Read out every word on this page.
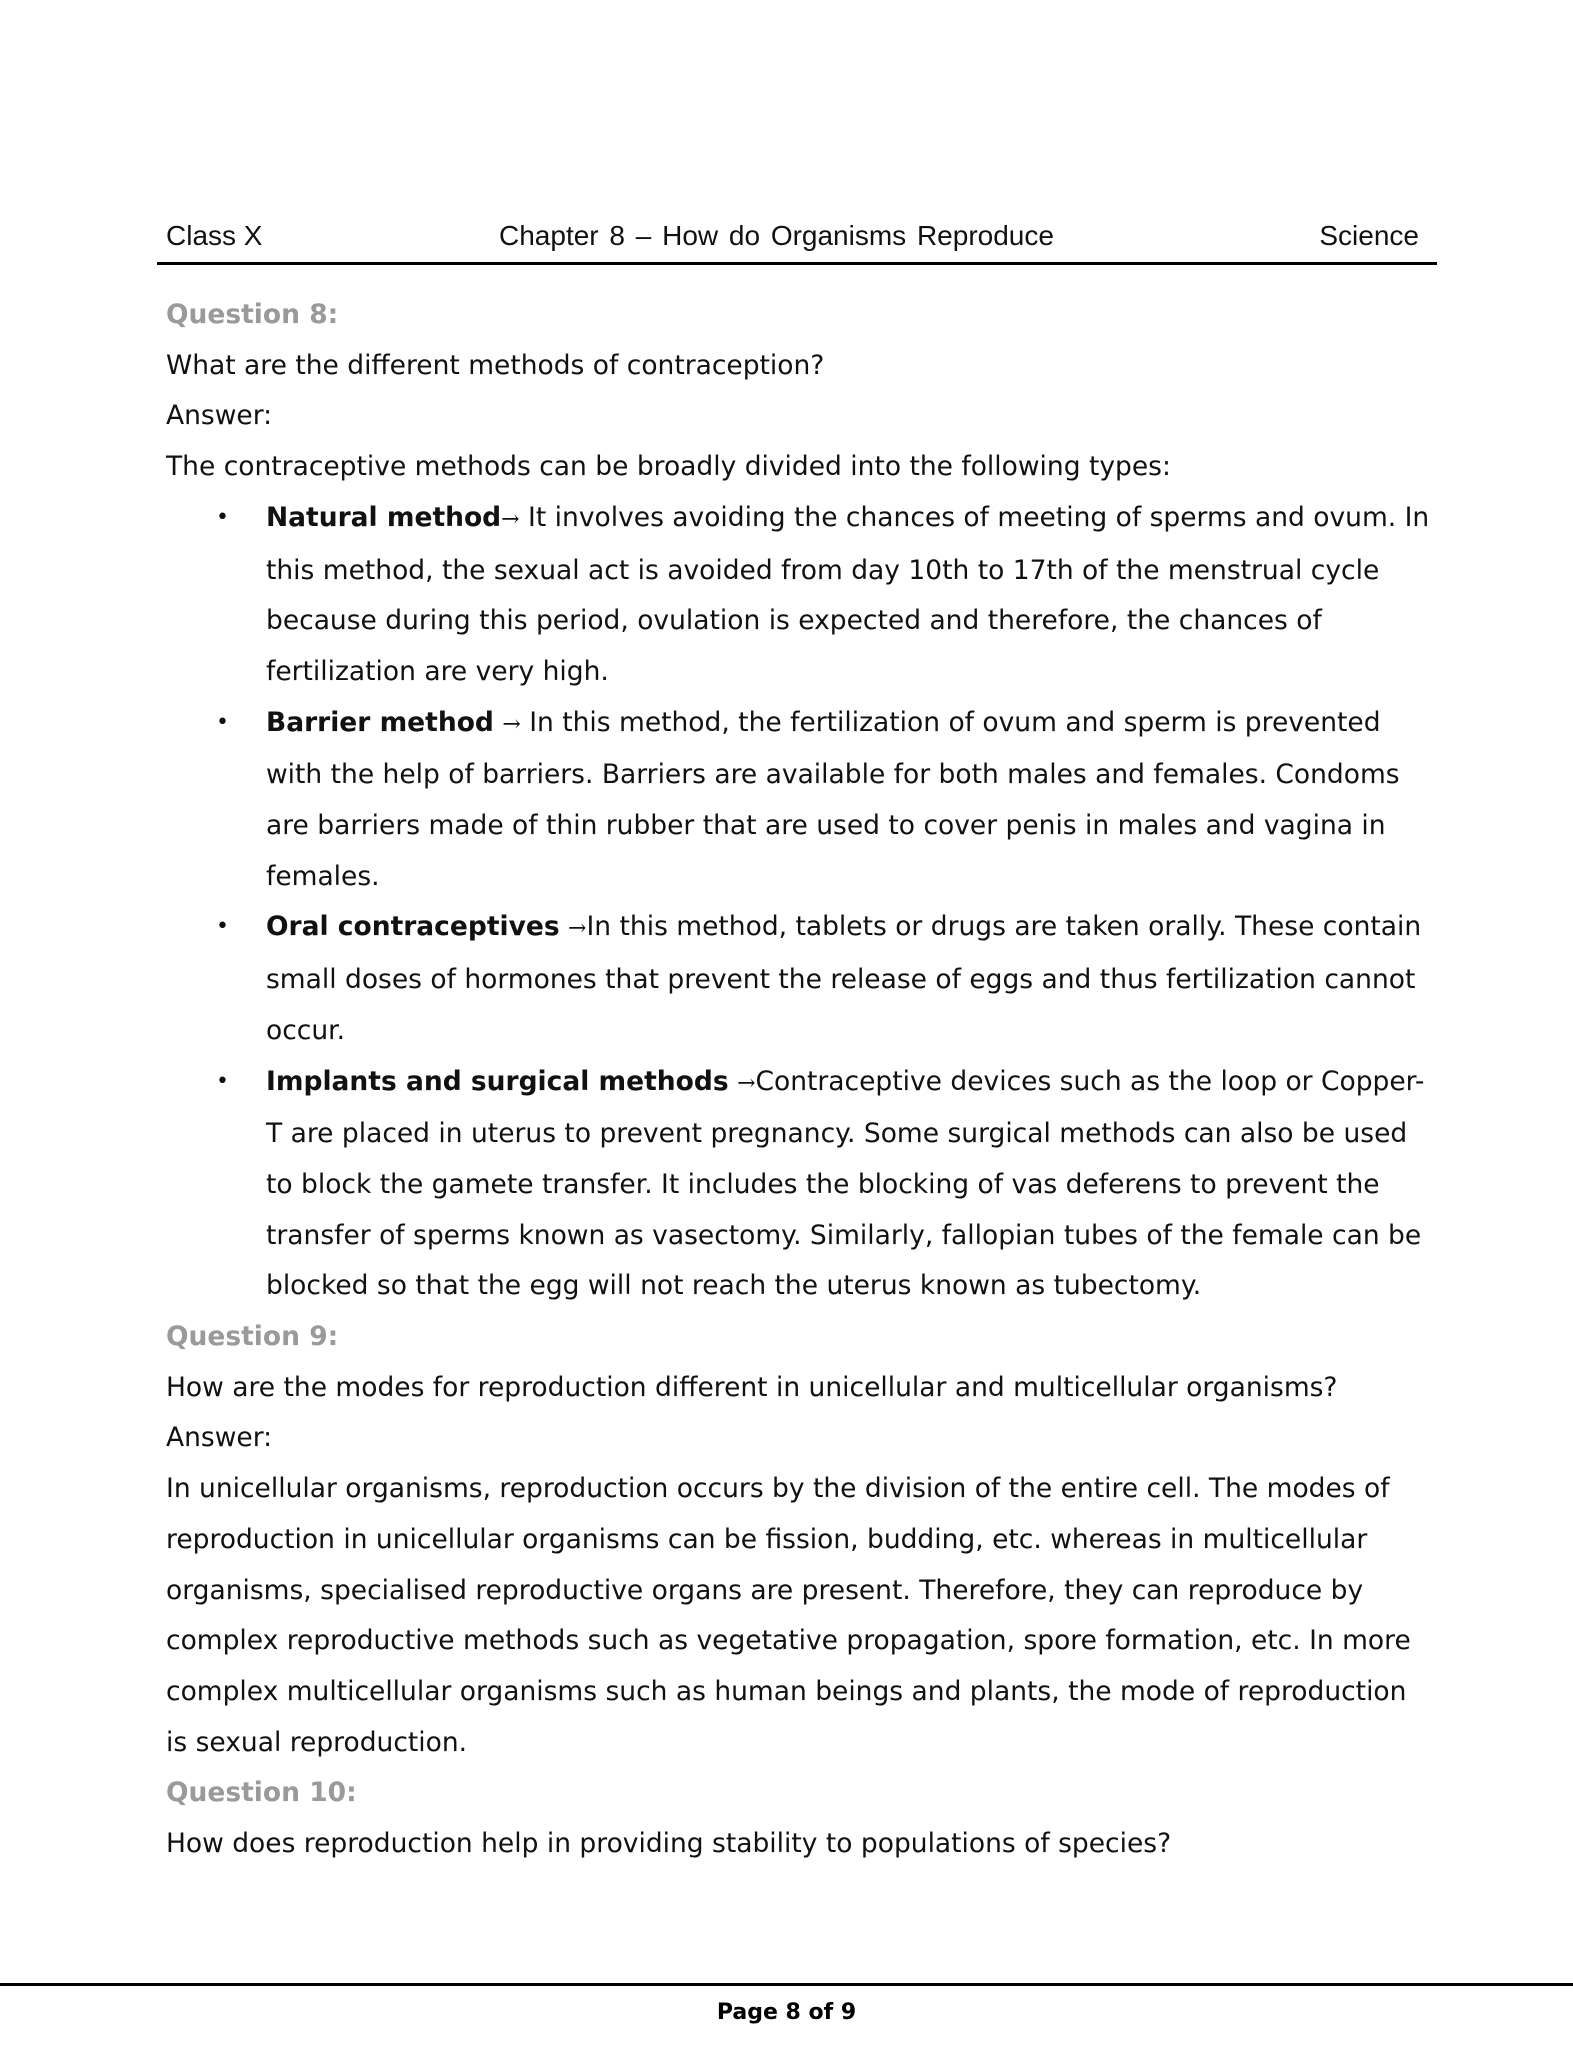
Class X	Chapter 8 – How do Organisms Reproduce	Science

Question 8:

What are the different methods of contraception?

Answer:

The contraceptive methods can be broadly divided into the following types:

• Natural method→ It involves avoiding the chances of meeting of sperms and ovum. In this method, the sexual act is avoided from day 10th to 17th of the menstrual cycle because during this period, ovulation is expected and therefore, the chances of fertilization are very high.
• Barrier method → In this method, the fertilization of ovum and sperm is prevented with the help of barriers. Barriers are available for both males and females. Condoms are barriers made of thin rubber that are used to cover penis in males and vagina in females.
• Oral contraceptives →In this method, tablets or drugs are taken orally. These contain small doses of hormones that prevent the release of eggs and thus fertilization cannot occur.
• Implants and surgical methods →Contraceptive devices such as the loop or Copper-T are placed in uterus to prevent pregnancy. Some surgical methods can also be used to block the gamete transfer. It includes the blocking of vas deferens to prevent the transfer of sperms known as vasectomy. Similarly, fallopian tubes of the female can be blocked so that the egg will not reach the uterus known as tubectomy.

Question 9:

How are the modes for reproduction different in unicellular and multicellular organisms?

Answer:

In unicellular organisms, reproduction occurs by the division of the entire cell. The modes of reproduction in unicellular organisms can be fission, budding, etc. whereas in multicellular organisms, specialised reproductive organs are present. Therefore, they can reproduce by complex reproductive methods such as vegetative propagation, spore formation, etc. In more complex multicellular organisms such as human beings and plants, the mode of reproduction is sexual reproduction.

Question 10:

How does reproduction help in providing stability to populations of species?

Page 8 of 9
